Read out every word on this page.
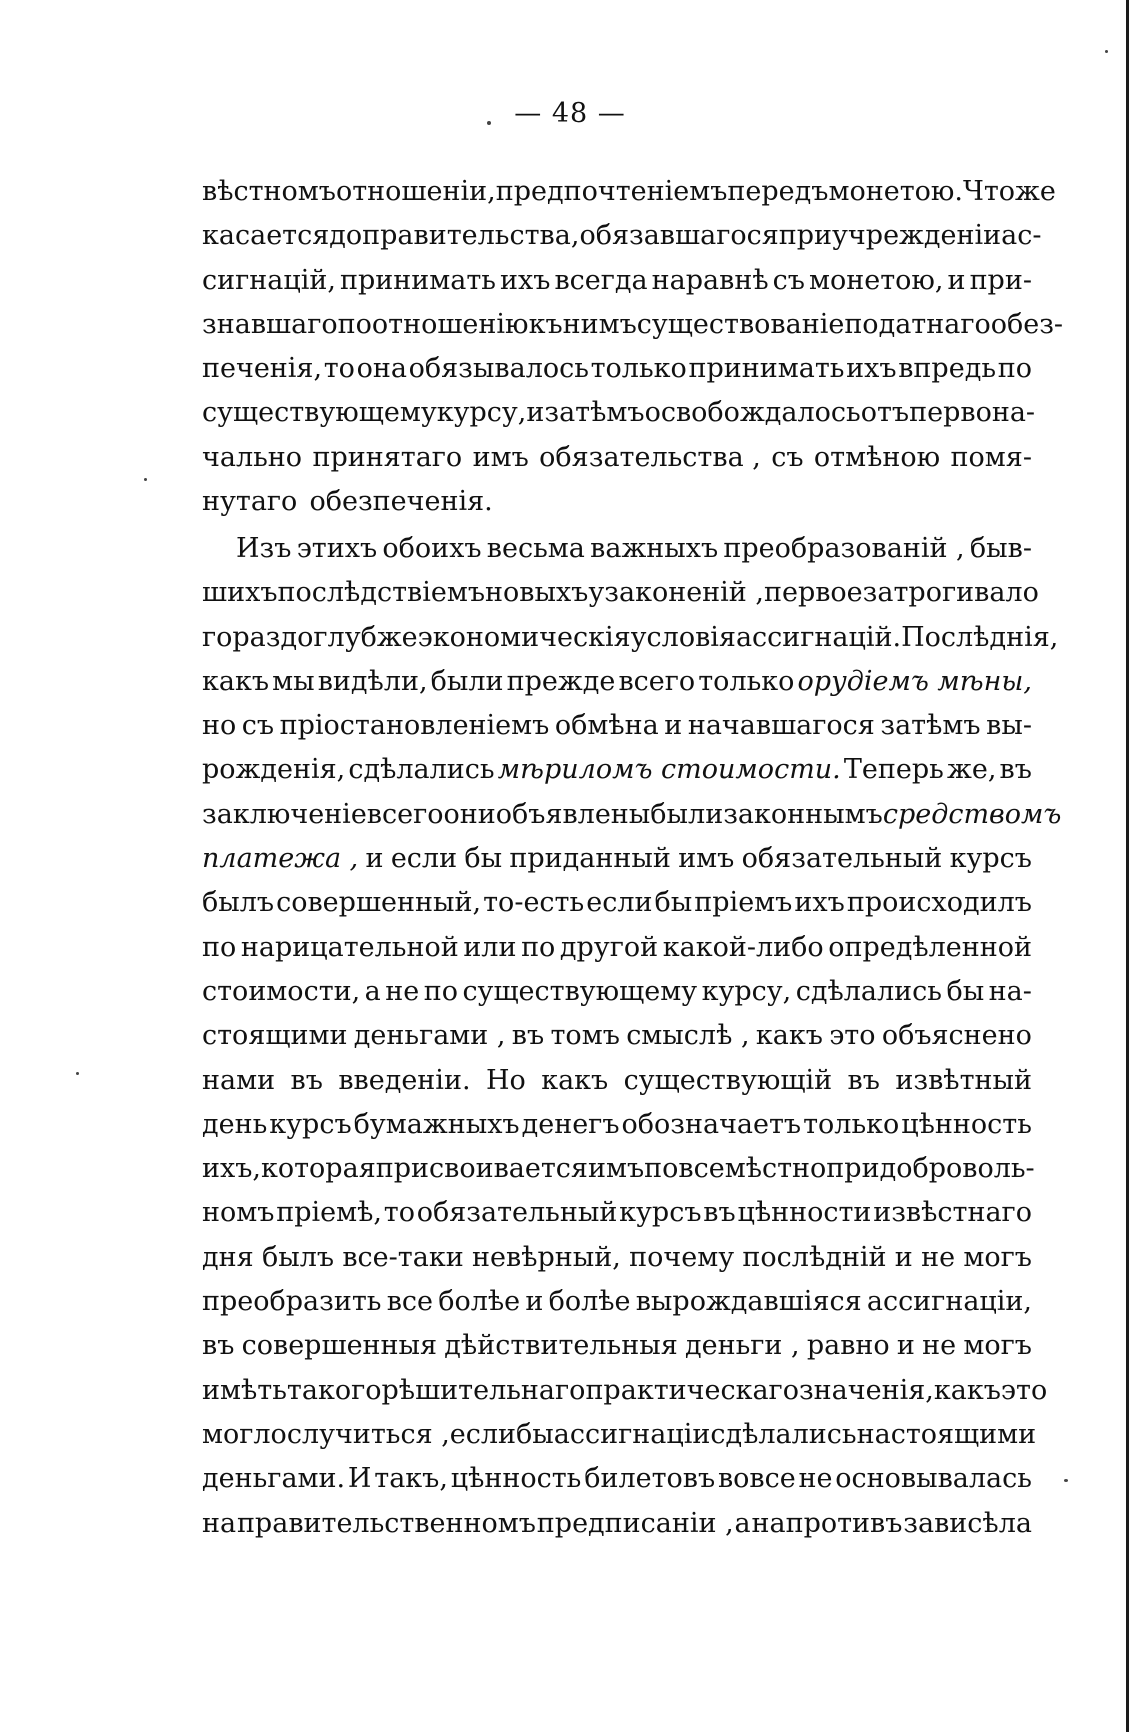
— 48 —
вѣстномъ отношеніи, предпочтеніемъ передъ монетою. Что же
касается до правительства, обязавшагося при учрежденіи ас-
сигнацій, принимать ихъ всегда наравнѣ съ монетою, и при-
знавшаго по отношенію къ нимъ существованіе податнаго обез-
печенія, то она обязывалось только принимать ихъ впредь по
существующему курсу, и затѣмъ освобождалось отъ первона-
чально принятаго имъ обязательства , съ отмѣною помя-
нутаго обезпеченія.
Изъ этихъ обоихъ весьма важныхъ преобразованій , быв-
шихъ послѣдствіемъ новыхъ узаконеній , первое затрогивало
гораздо глубже экономическія условія ассигнацій. Послѣднія,
какъ мы видѣли, были прежде всего только орудіемъ мѣны,
но съ пріостановленіемъ обмѣна и начавшагося затѣмъ вы-
рожденія, сдѣлались мѣриломъ стоимости. Теперь же, въ
заключеніе всего они объявлены были законнымъ средствомъ
платежа , и если бы приданный имъ обязательный курсъ
былъ совершенный, то-есть если бы пріемъ ихъ происходилъ
по нарицательной или по другой какой-либо опредѣленной
стоимости, а не по существующему курсу, сдѣлались бы на-
стоящими деньгами , въ томъ смыслѣ , какъ это объяснено
нами въ введеніи. Но какъ существующій въ извѣтный
день курсъ бумажныхъ денегъ обозначаетъ только цѣнность
ихъ, которая присвоивается имъ повсемѣстно при доброволь-
номъ пріемѣ, то обязательный курсъ въ цѣнности извѣстнаго
дня былъ все-таки невѣрный, почему послѣдній и не могъ
преобразить все болѣе и болѣе вырождавшіяся ассигнаціи,
въ совершенныя дѣйствительныя деньги , равно и не могъ
имѣть такого рѣшительнаго практическаго значенія, какъ это
могло случиться , если бы ассигнаціи сдѣлались настоящими
деньгами. И такъ, цѣнность билетовъ вовсе не основывалась
на правительственномъ предписаніи , а напротивъ зависѣла
